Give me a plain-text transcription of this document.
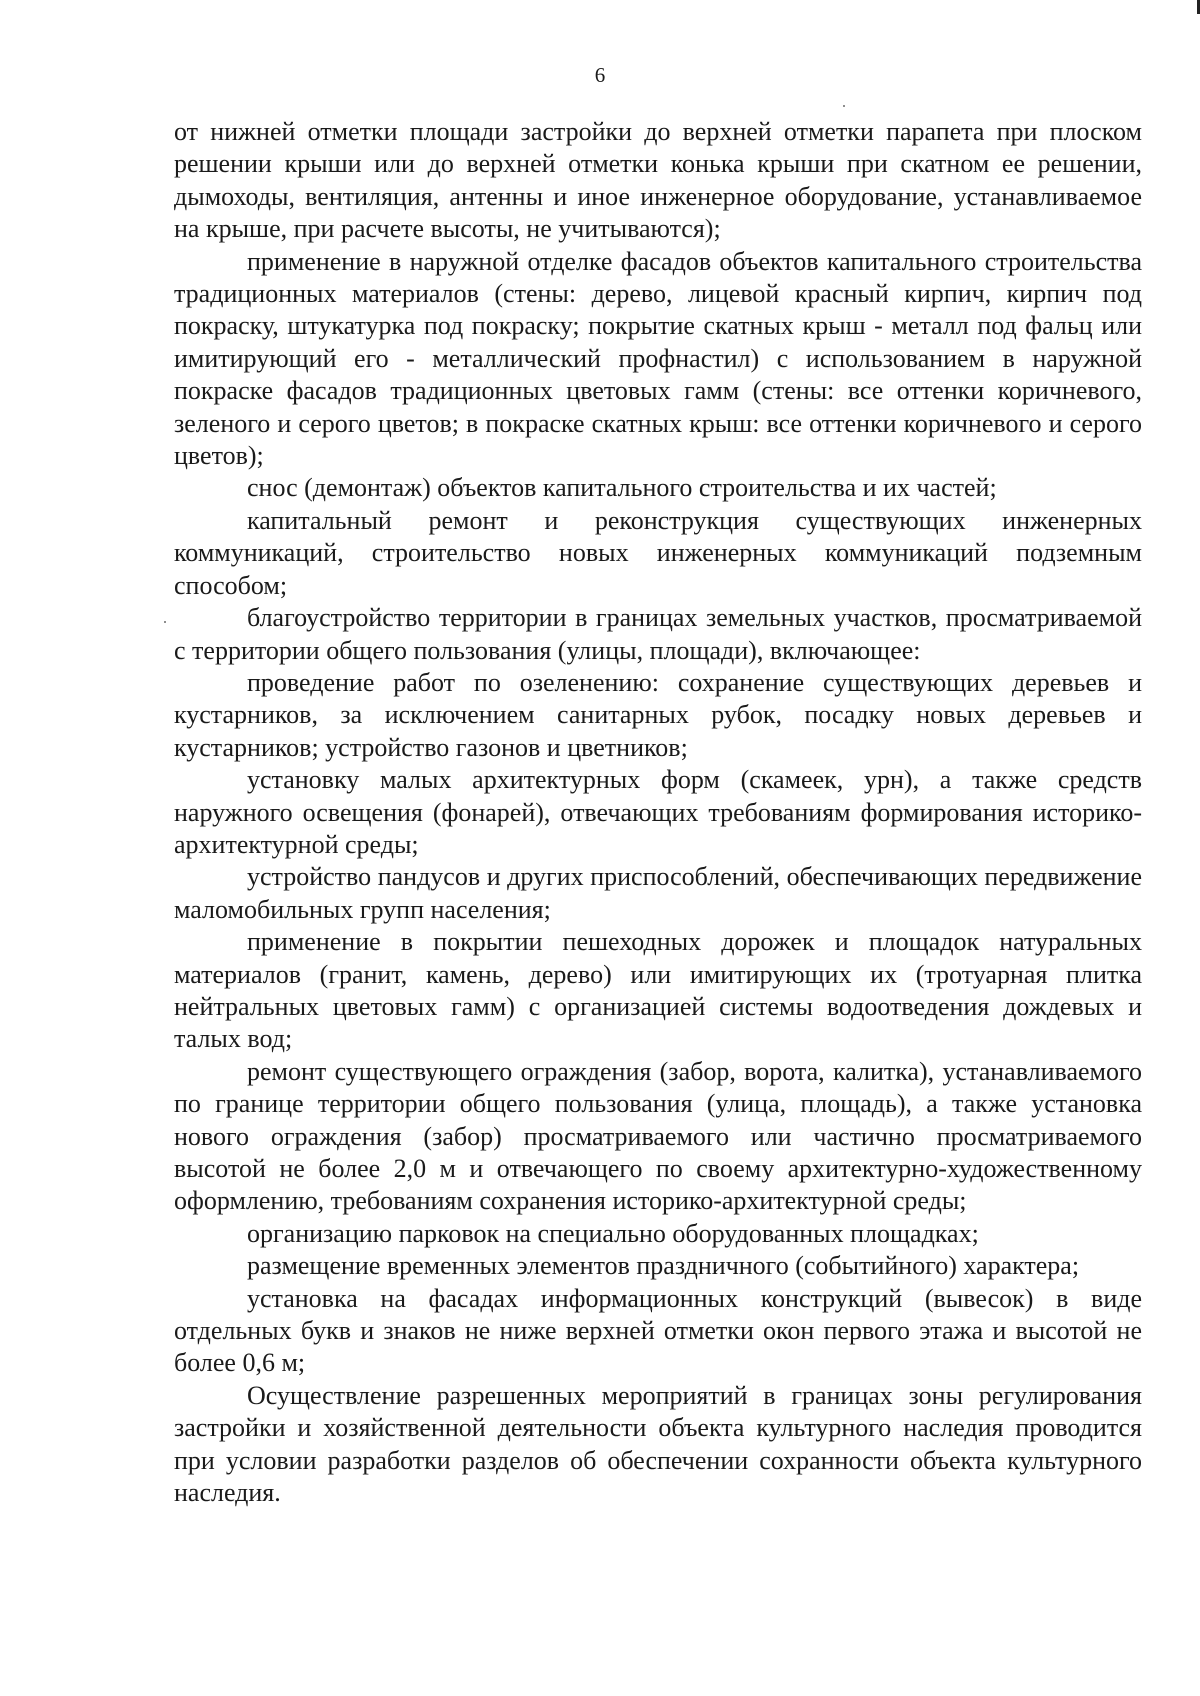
6

от нижней отметки площади застройки до верхней отметки парапета при плоском решении крыши или до верхней отметки конька крыши при скатном ее решении, дымоходы, вентиляция, антенны и иное инженерное оборудование, устанавливаемое на крыше, при расчете высоты, не учитываются);

применение в наружной отделке фасадов объектов капитального строительства традиционных материалов (стены: дерево, лицевой красный кирпич, кирпич под покраску, штукатурка под покраску; покрытие скатных крыш - металл под фальц или имитирующий его - металлический профнастил) с использованием в наружной покраске фасадов традиционных цветовых гамм (стены: все оттенки коричневого, зеленого и серого цветов; в покраске скатных крыш: все оттенки коричневого и серого цветов);

снос (демонтаж) объектов капитального строительства и их частей;

капитальный ремонт и реконструкция существующих инженерных коммуникаций, строительство новых инженерных коммуникаций подземным способом;

благоустройство территории в границах земельных участков, просматриваемой с территории общего пользования (улицы, площади), включающее:

проведение работ по озеленению: сохранение существующих деревьев и кустарников, за исключением санитарных рубок, посадку новых деревьев и кустарников; устройство газонов и цветников;

установку малых архитектурных форм (скамеек, урн), а также средств наружного освещения (фонарей), отвечающих требованиям формирования историко-архитектурной среды;

устройство пандусов и других приспособлений, обеспечивающих передвижение маломобильных групп населения;

применение в покрытии пешеходных дорожек и площадок натуральных материалов (гранит, камень, дерево) или имитирующих их (тротуарная плитка нейтральных цветовых гамм) с организацией системы водоотведения дождевых и талых вод;

ремонт существующего ограждения (забор, ворота, калитка), устанавливаемого по границе территории общего пользования (улица, площадь), а также установка нового ограждения (забор) просматриваемого или частично просматриваемого высотой не более 2,0 м и отвечающего по своему архитектурно-художественному оформлению, требованиям сохранения историко-архитектурной среды;

организацию парковок на специально оборудованных площадках;

размещение временных элементов праздничного (событийного) характера;

установка на фасадах информационных конструкций (вывесок) в виде отдельных букв и знаков не ниже верхней отметки окон первого этажа и высотой не более 0,6 м;

Осуществление разрешенных мероприятий в границах зоны регулирования застройки и хозяйственной деятельности объекта культурного наследия проводится при условии разработки разделов об обеспечении сохранности объекта культурного наследия.
